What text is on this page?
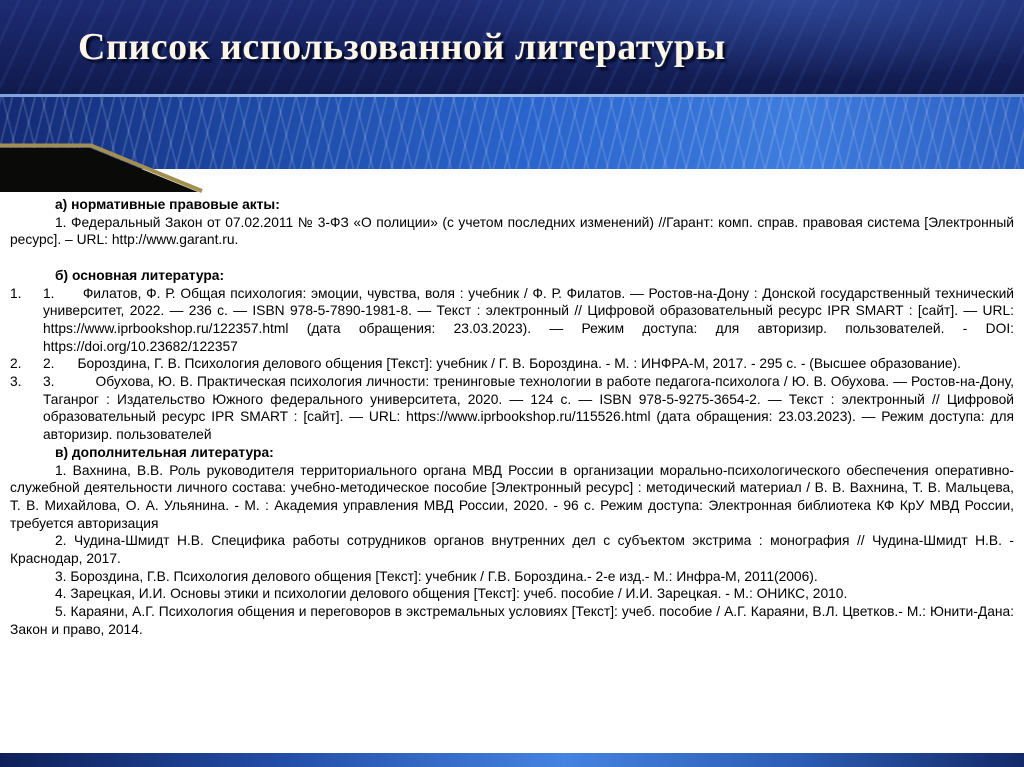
Список использованной литературы

а) нормативные правовые акты:

1. Федеральный Закон от 07.02.2011 № 3-ФЗ «О полиции» (с учетом последних изменений) //Гарант: комп. справ. правовая система [Электронный ресурс]. – URL: http://www.garant.ru.

б) основная литература:

1.	1.      Филатов, Ф. Р. Общая психология: эмоции, чувства, воля : учебник / Ф. Р. Филатов. — Ростов-на-Дону : Донской государственный технический университет, 2022. — 236 с. — ISBN 978-5-7890-1981-8. — Текст : электронный // Цифровой образовательный ресурс IPR SMART : [сайт]. — URL: https://www.iprbookshop.ru/122357.html (дата обращения: 23.03.2023). — Режим доступа: для авторизир. пользователей. - DOI: https://doi.org/10.23682/122357

2.	2.      Бороздина, Г. В. Психология делового общения [Текст]: учебник / Г. В. Бороздина. - М. : ИНФРА-М, 2017. - 295 с. - (Высшее образование).

3.	3.          Обухова, Ю. В. Практическая психология личности: тренинговые технологии в работе педагога-психолога / Ю. В. Обухова. — Ростов-на-Дону, Таганрог : Издательство Южного федерального университета, 2020. — 124 с. — ISBN 978-5-9275-3654-2. — Текст : электронный // Цифровой образовательный ресурс IPR SMART : [сайт]. — URL: https://www.iprbookshop.ru/115526.html (дата обращения: 23.03.2023). — Режим доступа: для авторизир. пользователей

в) дополнительная литература:

1. Вахнина, В.В. Роль руководителя территориального органа МВД России в организации морально-психологического обеспечения оперативно-служебной деятельности личного состава: учебно-методическое пособие [Электронный ресурс] : методический материал / В. В. Вахнина, Т. В. Мальцева, Т. В. Михайлова, О. А. Ульянина. - М. : Академия управления МВД России, 2020. - 96 с. Режим доступа: Электронная библиотека КФ КрУ МВД России, требуется авторизация

2. Чудина-Шмидт Н.В. Специфика работы сотрудников органов внутренних дел с субъектом экстрима : монография // Чудина-Шмидт Н.В. - Краснодар, 2017.

3. Бороздина, Г.В. Психология делового общения [Текст]: учебник / Г.В. Бороздина.- 2-е изд.- М.: Инфра-М, 2011(2006).

4. Зарецкая, И.И. Основы этики и психологии делового общения [Текст]: учеб. пособие / И.И. Зарецкая. - М.: ОНИКС, 2010.

5. Караяни, А.Г. Психология общения и переговоров в экстремальных условиях [Текст]: учеб. пособие / А.Г. Караяни, В.Л. Цветков.- М.: Юнити-Дана: Закон и право, 2014.
